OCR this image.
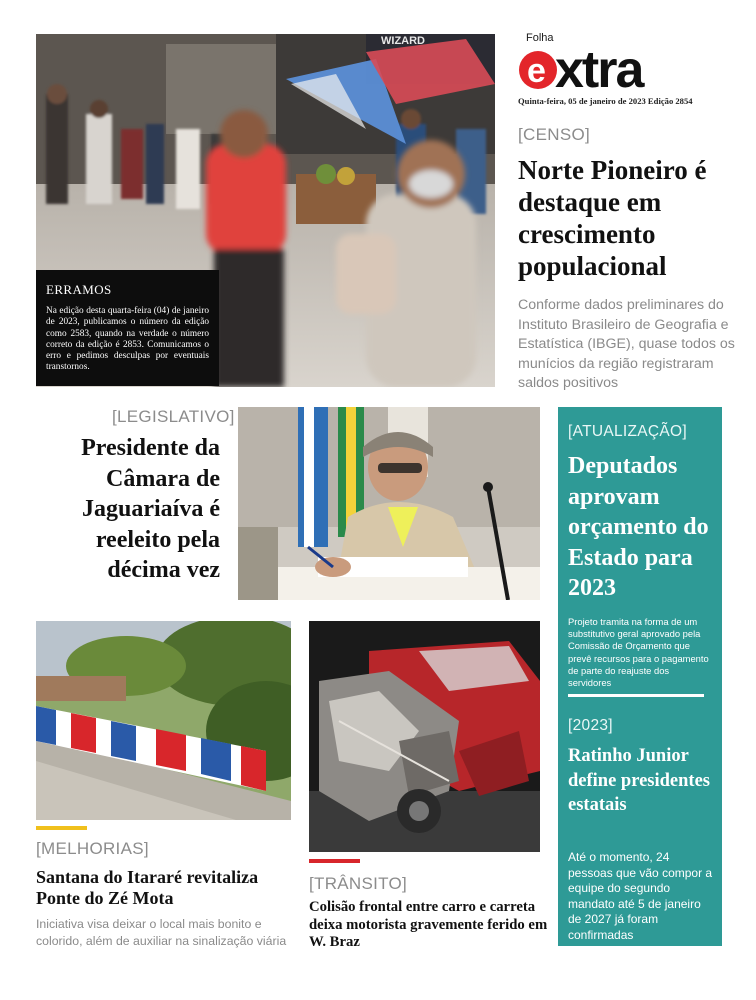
Folha
e xtra
Quinta-feira, 05 de janeiro de 2023 Edição 2854
WIZARD
ERRAMOS
Na edição desta quarta-feira (04) de janeiro de 2023, publicamos o número da edição como 2583, quando na verdade o número correto da edição é 2853. Comunicamos o erro e pedimos desculpas por eventuais transtornos.
[CENSO]
Norte Pioneiro é destaque em crescimento populacional
Conforme dados preliminares do Instituto Brasileiro de Geografia e Estatística (IBGE), quase todos os munícios da região registraram saldos positivos
[LEGISLATIVO]
Presidente da Câmara de Jaguariaíva é reeleito pela décima vez
[ATUALIZAÇÃO]
Deputados aprovam orçamento do Estado para 2023
Projeto tramita na forma de um substitutivo geral aprovado pela Comissão de Orçamento que prevê recursos para o pagamento de parte do reajuste dos servidores
[2023]
Ratinho Junior define presidentes estatais
Até o momento, 24 pessoas que vão compor a equipe do segundo mandato até 5 de janeiro de 2027 já foram confirmadas
[MELHORIAS]
Santana do Itararé revitaliza Ponte do Zé Mota
Iniciativa visa deixar o local mais bonito e colorido, além de auxiliar na sinalização viária
[TRÂNSITO]
Colisão frontal entre carro e carreta deixa motorista gravemente ferido em W. Braz
